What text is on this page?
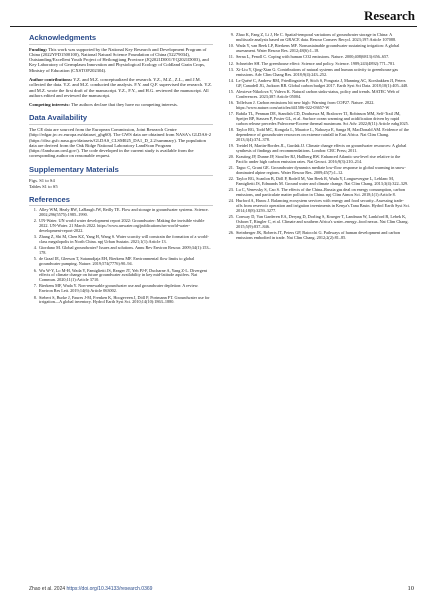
Research
Acknowledgments

Funding: This work was supported by the National Key Research and Development Program of China (2022YFD1500100), National Natural Science Foundation of China (52279034), Outstanding/Excellent Youth Project of Heilongjiang Province (JQ2021D001/YQ2021D003), and Key Laboratory of Germplasm Innovation and Physiological Ecology of Coldland Grain Crops, Ministry of Education (CXSTOP202304).

Author contributions: Y.Z. and M.Z. conceptualized the research. Y.Z., M.Z., Z.L., and J.M. collected the data. Y.Z. and M.Z. conducted the analysis. F.Y. and Q.F. supervised the research. Y.Z. and M.Z. wrote the first draft of the manuscript. Y.Z., F.Y., and H.G. reviewed the manuscript. All authors edited and reviewed the manuscript.

Competing interests: The authors declare that they have no competing interests.

Data Availability

The CE data are sourced from the European Commission, Joint Research Centre (http://edgar.jrc.ec.europa.eu/dataset_ghg60). The GWS data are obtained from NASA's GLDAS-2 (https://disc.gsfc.nasa.gov/datasets/GLDAS_CLSM025_DA1_D_2.2/summary). The population data are derived from the Oak Ridge National Laboratory LandScan Program (https://landscan.ornl.gov/). The code developed in the current study is available from the corresponding author on reasonable request.

Supplementary Materials

Figs. S1 to S4

Tables S1 to S5

References
1. Alley WM, Healy RW, LaBaugh JW, Reilly TE. Flow and storage in groundwater systems. Science. 2002;296(5575):1985–1990.
2. UN-Water. UN world water development report 2022: Groundwater: Making the invisible visible 2022. UN-Water. 21 March 2022. https://www.unwater.org/publications/un-world-water-development-report-2022.
3. Zhang Z, Shi M, Chen KZ, Yang H, Wang S. Water scarcity will constrain the formation of a world-class megalopolis in North China. npj Urban Sustain. 2021;1(1):Article 13.
4. Giordano M. Global groundwater? Issues and solutions. Annu Rev Environ Resour. 2009;34(1):153–178.
5. de Graaf IE, Gleeson T, Sutanudjaja EH, Bierkens MF. Environmental flow limits to global groundwater pumping. Nature. 2019;574(7776):90–94.
6. Wu W-Y, Lo M-H, Wada Y, Famiglietti JS, Reager JT, Yeh PJ-F, Ducharne A, Yang Z-L. Divergent effects of climate change on future groundwater availability in key mid-latitude aquifers. Nat Commun. 2020;11(1):Article 3710.
7. Bierkens MF, Wada Y. Non-renewable groundwater use and groundwater depletion: A review. Environ Res Lett. 2019;14(6):Article 063002.
8. Siebert S, Burke J, Faures J-M, Frenken K, Hoogeveen J, Döll P, Portmann FT. Groundwater use for irrigation—A global inventory. Hydrol Earth Syst Sci. 2010;14(10):1863–1880.
9. Zhao K, Fang Z, Li J, He C. Spatial-temporal variations of groundwater storage in China: A multiscale analysis based on GRACE data. Resour Conserv Recycl. 2023;197:Article 107088.
10. Wada Y, van Beek LP, Bierkens MF. Nonsustainable groundwater sustaining irrigation: A global assessment. Water Resour Res. 2012;48(6):1–18.
11. Serna L, Fenoll C. Coping with human CO2 emissions. Nature. 2000;408(6813):656–657.
12. Schneider SH. The greenhouse effect: Science and policy. Science. 1989;243(4892):771–781.
13. Xi-Liu Y, Qing-Xian G. Contributions of natural systems and human activity to greenhouse gas emissions. Adv Clim Chang Res. 2018;9(4):243–252.
14. Le Quéré C, Andrew RM, Friedlingstein P, Sitch S, Pongratz J, Manning AC, Korsbakken JI, Peters GP, Canadell JG, Jackson RB. Global carbon budget 2017. Earth Syst Sci Data. 2018;10(1):405–448.
15. Alexieva-Nikolova V, Valeva K. Natural carbon sinks-status, policy and trends. MATEC Web of Conferences. 2023;387:Article 05004.
16. Tollefson J. Carbon emissions hit new high: Warning from COP27. Nature. 2022. https://www.nature.com/articles/d41586-022-03657-W
17. Babila TL, Penman DE, Standish CD, Doubrawa M, Bralower TJ, Robinson MM, Self-Trail JM, Speijer RP, Stassen P, Foster GL, et al. Surface ocean warming and acidification driven by rapid carbon release precedes Paleocene-Eocene thermal maximum. Sci Adv. 2022;8(11):Article eabg1025.
18. Taylor RG, Todd MC, Kongola L, Maurice L, Nahozya E, Sanga H, MacDonald AM. Evidence of the dependence of groundwater resources on extreme rainfall in East Africa. Nat Clim Chang. 2013;3(4):374–378.
19. Treidel H, Martin-Bordes JL, Gurdak JJ. Climate change effects on groundwater resources: A global synthesis of findings and recommendations. London: CRC Press; 2011.
20. Krasting JP, Dunne JP, Stouffer RJ, Hallberg RW. Enhanced Atlantic sea-level rise relative to the Pacific under high carbon emission rates. Nat Geosci. 2016;9(3):210–214.
21. Taguc C, Grant GE. Groundwater dynamics mediate low-flow response to global warming in snow-dominated alpine regions. Water Resour Res. 2009;45(7):1–12.
22. Taylor RG, Scanlon B, Döll P, Rodell M, Van Beek R, Wada Y, Longuevergne L, Leblanc M, Famiglietti JS, Edmunds M. Ground water and climate change. Nat Clim Chang. 2013;3(4):322–329.
23. Lu C, Venevsky S, Cao S. The effects of the China–Russia gas deal on energy consumption, carbon emissions, and particulate matter pollution in China. npj Clim Atmos Sci. 2018;1(1):Article 8.
24. Hurford A, Harou J. Balancing ecosystem services with energy and food security–Assessing trade-offs from reservoir operation and irrigation investments in Kenya's Tana Basin. Hydrol Earth Syst Sci. 2014;18(8):3259–3277.
25. Conway D, Van Garderen EA, Deryng D, Dorling S, Krueger T, Landman W, Lankford B, Lebek K, Osborn T, Ringler C, et al. Climate and southern Africa's water–energy–food nexus. Nat Clim Chang. 2015;5(9):837–846.
26. Steinberger JK, Roberts JT, Peters GP, Baiocchi G. Pathways of human development and carbon emissions embodied in trade. Nat Clim Chang. 2012;2(2):81–85.
Zhao et al. 2024 https://doi.org/10.34133/research.0369	10
